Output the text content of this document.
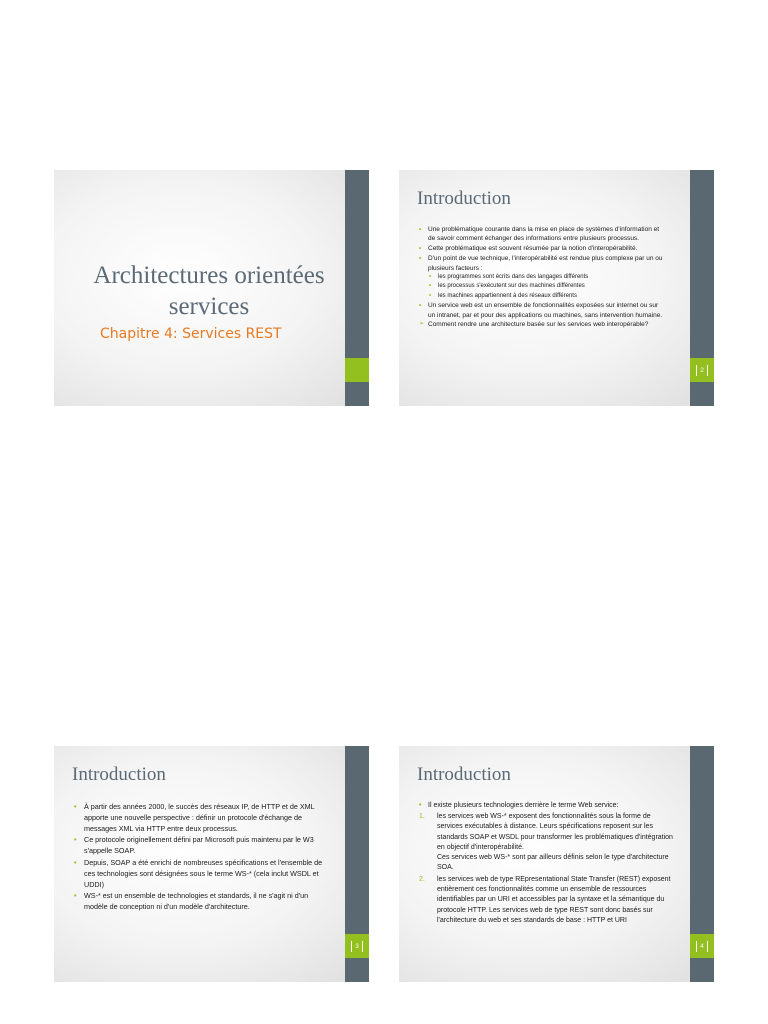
Architectures orientées services
Chapitre 4: Services REST
2
Introduction
• Une problématique courante dans la mise en place de systèmes d'information et de savoir comment échanger des informations entre plusieurs processus.
• Cette problématique est souvent résumée par la notion d'interopérabilité.
• D'un point de vue technique, l'interopérabilité est rendue plus complexe par un ou plusieurs facteurs :
• les programmes sont écrits dans des langages différents
• les processus s'exécutent sur des machines différentes
• les machines appartiennent à des réseaux différents
• Un service web est un ensemble de fonctionnalités exposées sur internet ou sur un intranet, par et pour des applications ou machines, sans intervention humaine.
➢ Comment rendre une architecture basée sur les services web interopérable?
3
Introduction
• À partir des années 2000, le succès des réseaux IP, de HTTP et de XML apporte une nouvelle perspective : définir un protocole d'échange de messages XML via HTTP entre deux processus.
• Ce protocole originellement défini par Microsoft puis maintenu par le W3 s'appelle SOAP.
• Depuis, SOAP a été enrichi de nombreuses spécifications et l'ensemble de ces technologies sont désignées sous le terme WS-* (cela inclut WSDL et UDDI)
• WS-* est un ensemble de technologies et standards, il ne s'agit ni d'un modèle de conception ni d'un modèle d'architecture.
4
Introduction
• Il existe plusieurs technologies derrière le terme Web service:
1. les services web WS-* exposent des fonctionnalités sous la forme de services exécutables à distance. Leurs spécifications reposent sur les standards SOAP et WSDL pour transformer les problématiques d'intégration en objectif d'interopérabilité.
Ces services web WS-* sont par ailleurs définis selon le type d'architecture SOA.
2. les services web de type REpresentational State Transfer (REST) exposent entièrement ces fonctionnalités comme un ensemble de ressources identifiables par un URI et accessibles par la syntaxe et la sémantique du protocole HTTP. Les services web de type REST sont donc basés sur l'architecture du web et ses standards de base : HTTP et URI
